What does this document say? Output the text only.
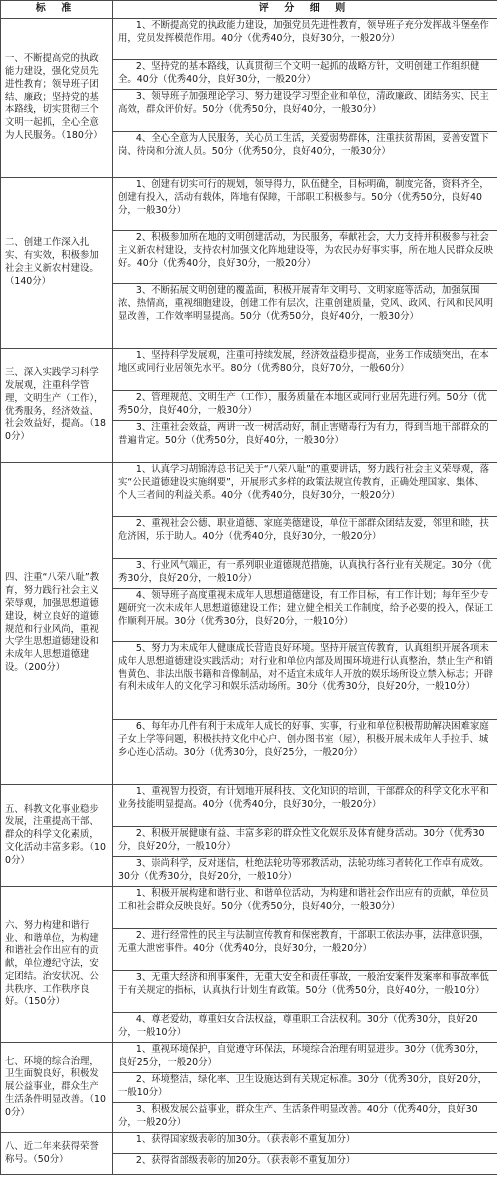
标 准	评 分 细 则
一、不断提高党的执政能力建设，强化党员先进性教育；领导班子团结、廉政；坚持党的基本路线，切实贯彻三个文明一起抓，全心全意为人民服务。（180分）	1、不断提高党的执政能力建设，加强党员先进性教育，领导班子充分发挥战斗堡垒作用，党员发挥模范作用。40分（优秀40分，良好30分，一般20分）

	2、坚持党的基本路线，认真贯彻三个文明一起抓的战略方针，文明创建工作组织健全。40分（优秀40分，良好30分，一般20分）

	3、领导班子加强理论学习、努力建设学习型企业和单位，清政廉政、团结务实、民主高效，群众评价好。50分（优秀50分，良好40分，一般30分）

	4、全心全意为人民服务，关心员工生活，关爱弱势群体，注重扶贫帮困，妥善安置下岗、待岗和分流人员。50分（优秀50分，良好40分，一般30分）

二、创建工作深入扎实、有实效，积极参加社会主义新农村建设。（140分）	1、创建有切实可行的规划，领导得力，队伍健全，目标明确，制度完备，资料齐全，创建有投入，活动有载体，阵地有保障，干部职工积极参与。50分（优秀50分，良好40分，一般30分）

	2、积极参加所在地的文明创建活动，为民服务，奉献社会，大力支持并积极参与社会主义新农村建设，支持农村加强文化阵地建设等，为农民办好事实事，所在地人民群众反映好。40分（优秀40分，良好30分，一般20分）

	3、不断拓展文明创建的覆盖面，积极开展青年文明号、文明家庭等活动，加强氛围浓、热情高，重视细胞建设，创建工作有层次，注重创建质量，党风、政风、行风和民风明显改善，工作效率明显提高。50分（优秀50分，良好40分，一般30分）

三、深入实践学习科学发展观，注重科学管理，文明生产（工作），优秀服务，经济效益、社会效益好，提高。（180分）	1、坚持科学发展观，注重可持续发展，经济效益稳步提高，业务工作成绩突出，在本地区或同行业居领先水平。80分（优秀80分，良好70分，一般60分）

	2、管理规范、文明生产（工作），服务质量在本地区或同行业居先进行列。50分（优秀50分，良好40分，一般30分）

	3、注重社会效益，两讲一改一树活动好，制止害赌毒行为有力，得到当地干部群众的普遍肯定。50分（优秀50分，良好40分，一般30分）

四、注重“八荣八耻”教育，努力践行社会主义荣辱观，加强思想道德建设，树立良好的道德规范和行业风尚，重视大学生思想道德建设和未成年人思想道德建设。（200分）	1、认真学习胡锦涛总书记关于“八荣八耻”的重要讲话，努力践行社会主义荣辱观，落实“公民道德建设实施纲要”，开展形式多样的政策法规宣传教育，正确处理国家、集体、个人三者间的利益关系。40分（优秀40分，良好30分，一般20分）

	2、重视社会公德、职业道德、家庭美德建设，单位干部群众团结友爱，邻里和睦，扶危济困，乐于助人。40分（优秀40分，良好30分，一般20分）

	3、行业风气端正，有一系列职业道德规范措施，认真执行各行业有关规定。30分（优秀30分，良好20分，一般10分）

	4、领导班子高度重视未成年人思想道德建设，有工作目标，有工作计划；每年至少专题研究一次未成年人思想道德建设工作；建立健全相关工作制度，给予必要的投入，保证工作顺利开展。30分（优秀30分，良好20分，一般10分）

	5、努力为未成年人健康成长营造良好环境。坚持开展宣传教育，认真组织开展各项未成年人思想道德建设实践活动；对行业和单位内部及周围环境进行认真整治，禁止生产和销售黄色、非法出版书籍和音像制品，对不适宜未成年人开放的娱乐场所设立禁入标志；开辟有利未成年人的文化学习和娱乐活动场所。30分（优秀30分，良好20分，一般10分）

	6、每年办几件有利于未成年人成长的好事、实事，行业和单位积极帮助解决困难家庭子女上学等问题，积极扶持文化中心户、创办图书室（屋），积极开展未成年人手拉手、城乡心连心活动。30分（优秀30分，良好25分，一般20分）

五、科教文化事业稳步发展，注重提高干部、群众的科学文化素质，文化活动丰富多彩。（100分）	1、重视智力投资，有计划地开展科技、文化知识的培训，干部群众的科学文化水平和业务技能明显提高。40分（优秀40分，良好30分，一般20分）

	2、积极开展健康有益、丰富多彩的群众性文化娱乐及体育健身活动。30分（优秀30分，良好20分，一般10分）

	3、崇尚科学，反对迷信，杜绝法轮功等邪教活动，法轮功练习者转化工作卓有成效。30分（优秀30分，良好20分，一般10分）

六、努力构建和谐行业、和谐单位，为构建和谐社会作出应有的贡献，单位遵纪守法，安定团结。治安状况、公共秩序、工作秩序良好。（150分）	1、积极开展构建和谐行业、和谐单位活动，为构建和谐社会作出应有的贡献，单位员工和社会群众反映良好。50分（优秀50分，良好40分，一般30分）

	2、进行经常性的民主与法制宣传教育和保密教育，干部职工依法办事，法律意识强，无重大泄密事件。40分（优秀40分，良好30分，一般20分）

	3、无重大经济和刑事案件，无重大安全和责任事故，一般治安案件发案率和事故率低于有关规定的指标，认真执行计划生育政策。50分（优秀50分，良好40分，一般10分）

	4、尊老爱幼，尊重妇女合法权益，尊重职工合法权利。30分（优秀30分，良好20分，一般10分）

七、环境的综合治理，卫生面貌良好，积极发展公益事业，群众生产生活条件明显改善。（100分）	1、重视环境保护，自觉遵守环保法，环境综合治理有明显进步。30分（优秀30分，良好25分，一般20分）

	2、环境整洁，绿化率、卫生设施达到有关规定标准。30分（优秀30分，良好20分，一般10分）

	3、积极发展公益事业，群众生产、生活条件明显改善。40分（优秀40分，良好30分，一般20分）

八、近二年来获得荣誉称号。（50分）	1、获得国家级表彰的加30分。（获表彰不重复加分）

	2、获得省部级表彰的加20分。（获表彰不重复加分）
